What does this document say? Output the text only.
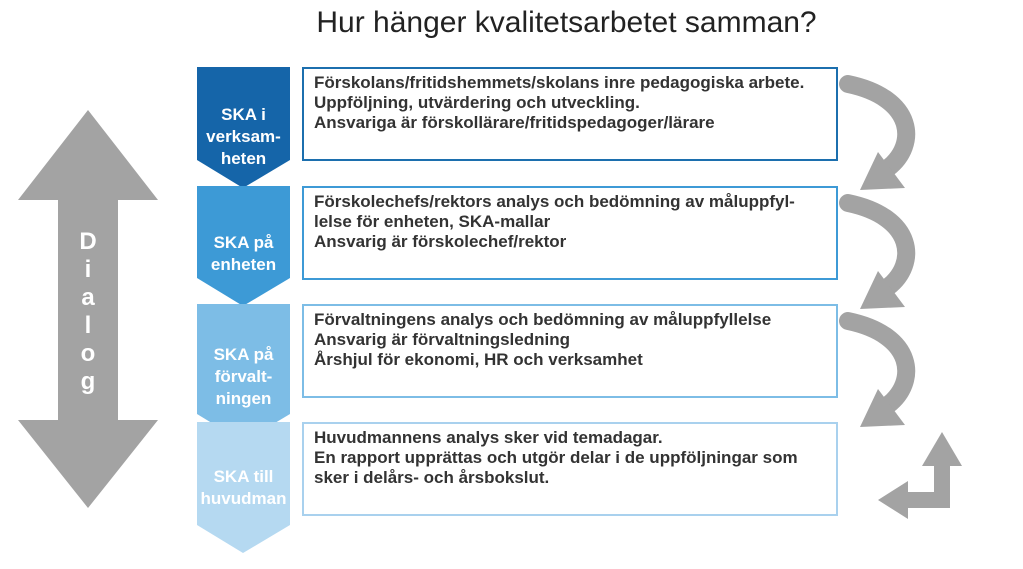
Hur hänger kvalitetsarbetet samman?
D
i
a
l
o
g
SKA i
verksam-
heten
SKA på
enheten
SKA på
förvalt-
ningen
SKA till
huvudman
Förskolans/fritidshemmets/skolans inre pedagogiska arbete.
Uppföljning, utvärdering och utveckling.
Ansvariga är förskollärare/fritidspedagoger/lärare
Förskolechefs/rektors analys och bedömning av måluppfyl-
lelse för enheten, SKA-mallar
Ansvarig är förskolechef/rektor
Förvaltningens analys och bedömning av måluppfyllelse
Ansvarig är förvaltningsledning
Årshjul för ekonomi, HR och verksamhet
Huvudmannens analys sker vid temadagar.
En rapport upprättas och utgör delar i de uppföljningar som
sker i delårs- och årsbokslut.
